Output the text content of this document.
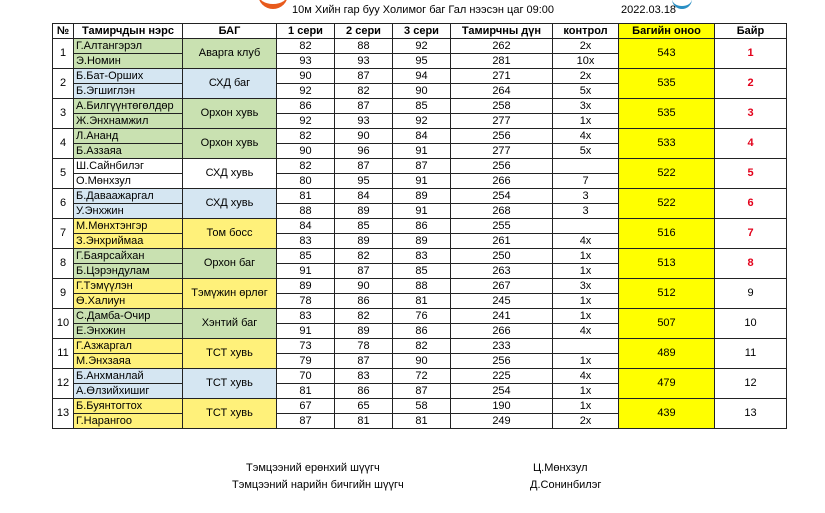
10м Хийн гар буу Холимог баг Гал нээсэн цаг 09:00	2022.03.18
№	Тамирчдын нэрс	БАГ	1 сери	2 сери	3 сери	Тамирчны дүн	контрол	Багийн оноо	Байр
1	Г.Алтангэрэл	Аварга клуб	82	88	92	262	2x	543	1
	Э.Номин		93	93	95	281	10x		
2	Б.Бат-Орших	СХД баг	90	87	94	271	2x	535	2
	Б.Эгшиглэн		92	82	90	264	5x		
3	А.Билгүүнтөгөлдөр	Орхон хувь	86	87	85	258	3x	535	3
	Ж.Энхнамжил		92	93	92	277	1x		
4	Л.Ананд	Орхон хувь	82	90	84	256	4x	533	4
	Б.Аззаяа		90	96	91	277	5x		
5	Ш.Сайнбилэг	СХД хувь	82	87	87	256		522	5
	О.Мөнхзул		80	95	91	266	7		
6	Б.Даваажаргал	СХД хувь	81	84	89	254	3	522	6
	У.Энхжин		88	89	91	268	3		
7	М.Мөнхтэнгэр	Том босс	84	85	86	255		516	7
	З.Энхриймаа		83	89	89	261	4x		
8	Г.Баярсайхан	Орхон баг	85	82	83	250	1x	513	8
	Б.Цэрэндулам		91	87	85	263	1x		
9	Г.Тэмүүлэн	Тэмүжин өрлөг	89	90	88	267	3x	512	9
	Ө.Халиун		78	86	81	245	1x		
10	С.Дамба-Очир	Хэнтий баг	83	82	76	241	1x	507	10
	Е.Энхжин		91	89	86	266	4x		
11	Г.Азжаргал	ТСТ хувь	73	78	82	233		489	11
	М.Энхзаяа		79	87	90	256	1x		
12	Б.Анхманлай	ТСТ хувь	70	83	72	225	4x	479	12
	А.Өлзийхишиг		81	86	87	254	1x		
13	Б.Буянтогтох	ТСТ хувь	67	65	58	190	1x	439	13
	Г.Нарангоо		87	81	81	249	2x		
Тэмцээний ерөнхий шүүгч	Ц.Мөнхзул
Тэмцээний нарийн бичгийн шүүгч	Д.Сонинбилэг
